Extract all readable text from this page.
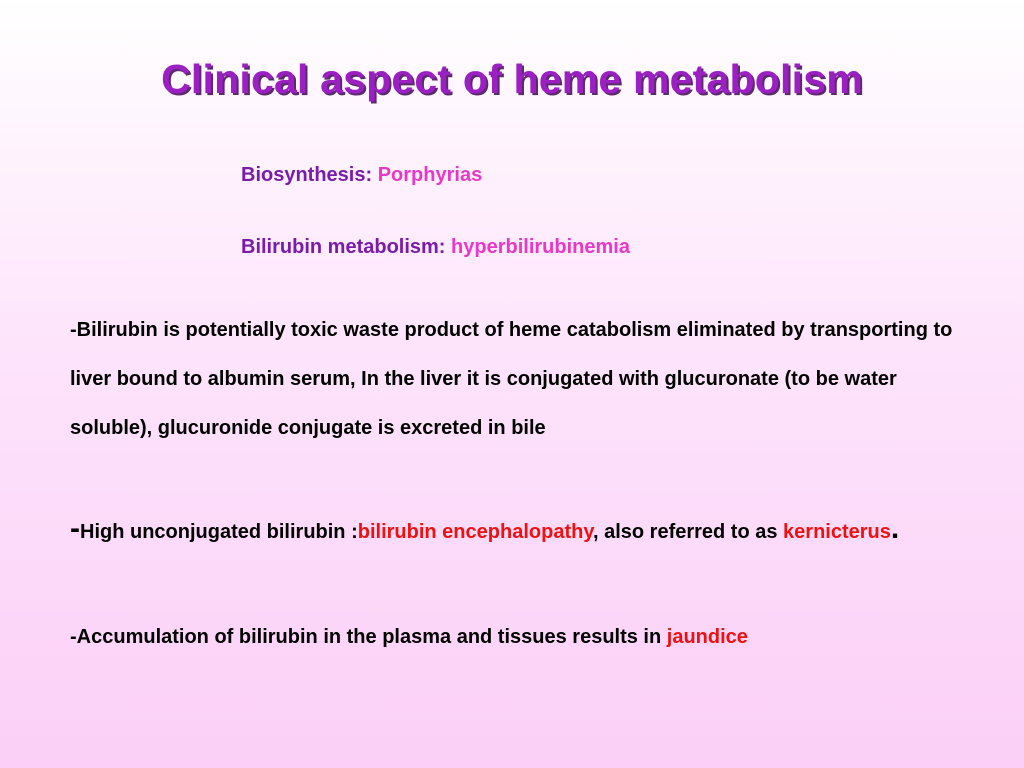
Clinical aspect of heme metabolism
Biosynthesis: Porphyrias
Bilirubin metabolism: hyperbilirubinemia

-Bilirubin is potentially toxic waste product of heme catabolism eliminated by transporting to liver bound to albumin serum, In the liver it is conjugated with glucuronate (to be water soluble), glucuronide conjugate is excreted in bile

-High unconjugated bilirubin :bilirubin encephalopathy, also referred to as kernicterus.

-Accumulation of bilirubin in the plasma and tissues results in jaundice
